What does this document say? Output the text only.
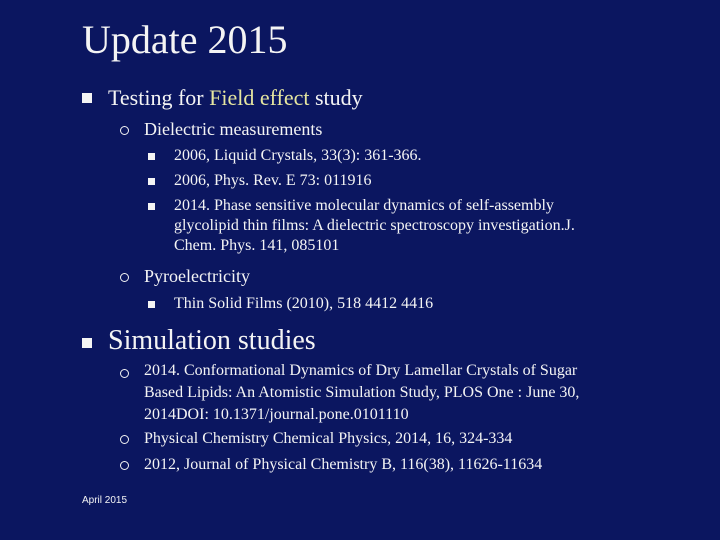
Update 2015
Testing for Field effect study
Dielectric measurements
2006, Liquid Crystals, 33(3): 361-366.
2006, Phys. Rev. E 73: 011916
2014. Phase sensitive molecular dynamics of self-assembly
glycolipid thin films: A dielectric spectroscopy investigation.J.
Chem. Phys. 141, 085101
Pyroelectricity
Thin Solid Films (2010), 518 4412 4416
Simulation studies
2014. Conformational Dynamics of Dry Lamellar Crystals of Sugar
Based Lipids: An Atomistic Simulation Study, PLOS One : June 30,
2014DOI: 10.1371/journal.pone.0101110
Physical Chemistry Chemical Physics, 2014, 16, 324-334
2012, Journal of Physical Chemistry B, 116(38), 11626-11634
April 2015
